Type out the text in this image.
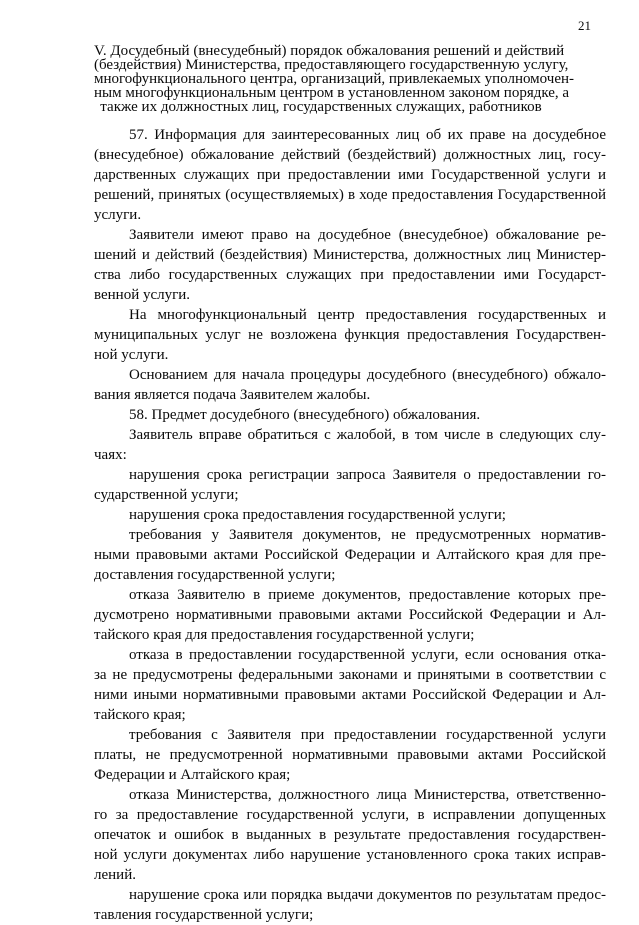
21
V. Досудебный (внесудебный) порядок обжалования решений и действий
(бездействия) Министерства, предоставляющего государственную услугу,
многофункционального центра, организаций, привлекаемых уполномочен-
ным многофункциональным центром в установленном законом порядке, а
также их должностных лиц, государственных служащих, работников
57. Информация для заинтересованных лиц об их праве на досудебное
(внесудебное) обжалование действий (бездействий) должностных лиц, госу-
дарственных служащих при предоставлении ими Государственной услуги и
решений, принятых (осуществляемых) в ходе предоставления Государственной
услуги.
Заявители имеют право на досудебное (внесудебное) обжалование ре-
шений и действий (бездействия) Министерства, должностных лиц Министер-
ства либо государственных служащих при предоставлении ими Государст-
венной услуги.
На многофункциональный центр предоставления государственных и
муниципальных услуг не возложена функция предоставления Государствен-
ной услуги.
Основанием для начала процедуры досудебного (внесудебного) обжало-
вания является подача Заявителем жалобы.
58. Предмет досудебного (внесудебного) обжалования.
Заявитель вправе обратиться с жалобой, в том числе в следующих слу-
чаях:
нарушения срока регистрации запроса Заявителя о предоставлении го-
сударственной услуги;
нарушения срока предоставления государственной услуги;
требования у Заявителя документов, не предусмотренных норматив-
ными правовыми актами Российской Федерации и Алтайского края для пре-
доставления государственной услуги;
отказа Заявителю в приеме документов, предоставление которых пре-
дусмотрено нормативными правовыми актами Российской Федерации и Ал-
тайского края для предоставления государственной услуги;
отказа в предоставлении государственной услуги, если основания отка-
за не предусмотрены федеральными законами и принятыми в соответствии с
ними иными нормативными правовыми актами Российской Федерации и Ал-
тайского края;
требования с Заявителя при предоставлении государственной услуги
платы, не предусмотренной нормативными правовыми актами Российской
Федерации и Алтайского края;
отказа Министерства, должностного лица Министерства, ответственно-
го за предоставление государственной услуги, в исправлении допущенных
опечаток и ошибок в выданных в результате предоставления государствен-
ной услуги документах либо нарушение установленного срока таких исправ-
лений.
нарушение срока или порядка выдачи документов по результатам предос-
тавления государственной услуги;
